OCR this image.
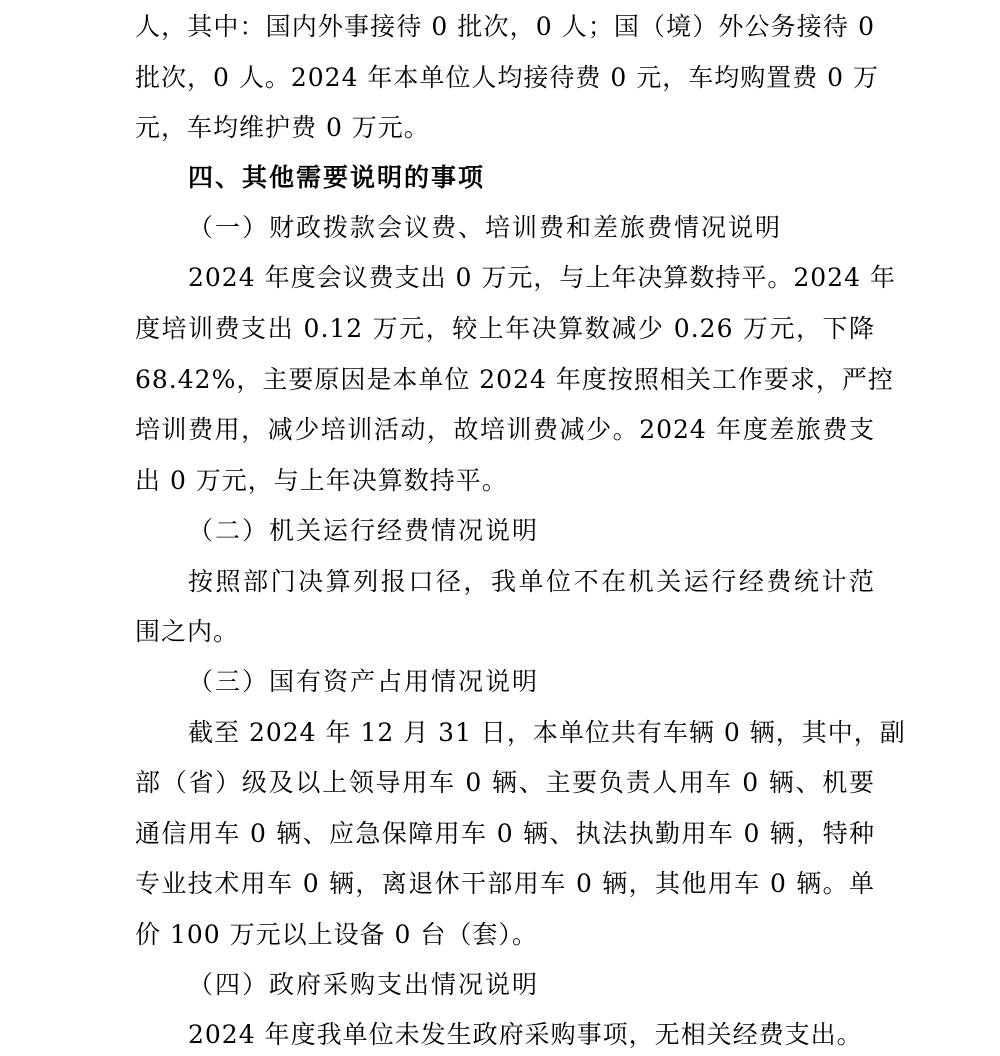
人，其中：国内外事接待 0 批次，0 人；国（境）外公务接待 0
批次，0 人。2024 年本单位人均接待费 0 元，车均购置费 0 万
元，车均维护费 0 万元。
四、其他需要说明的事项
（一）财政拨款会议费、培训费和差旅费情况说明
2024 年度会议费支出 0 万元，与上年决算数持平。2024 年
度培训费支出 0.12 万元，较上年决算数减少 0.26 万元，下降
68.42%，主要原因是本单位 2024 年度按照相关工作要求，严控
培训费用，减少培训活动，故培训费减少。2024 年度差旅费支
出 0 万元，与上年决算数持平。
（二）机关运行经费情况说明
按照部门决算列报口径，我单位不在机关运行经费统计范
围之内。
（三）国有资产占用情况说明
截至 2024 年 12 月 31 日，本单位共有车辆 0 辆，其中，副
部（省）级及以上领导用车 0 辆、主要负责人用车 0 辆、机要
通信用车 0 辆、应急保障用车 0 辆、执法执勤用车 0 辆，特种
专业技术用车 0 辆，离退休干部用车 0 辆，其他用车 0 辆。单
价 100 万元以上设备 0 台（套）。
（四）政府采购支出情况说明
2024 年度我单位未发生政府采购事项，无相关经费支出。
